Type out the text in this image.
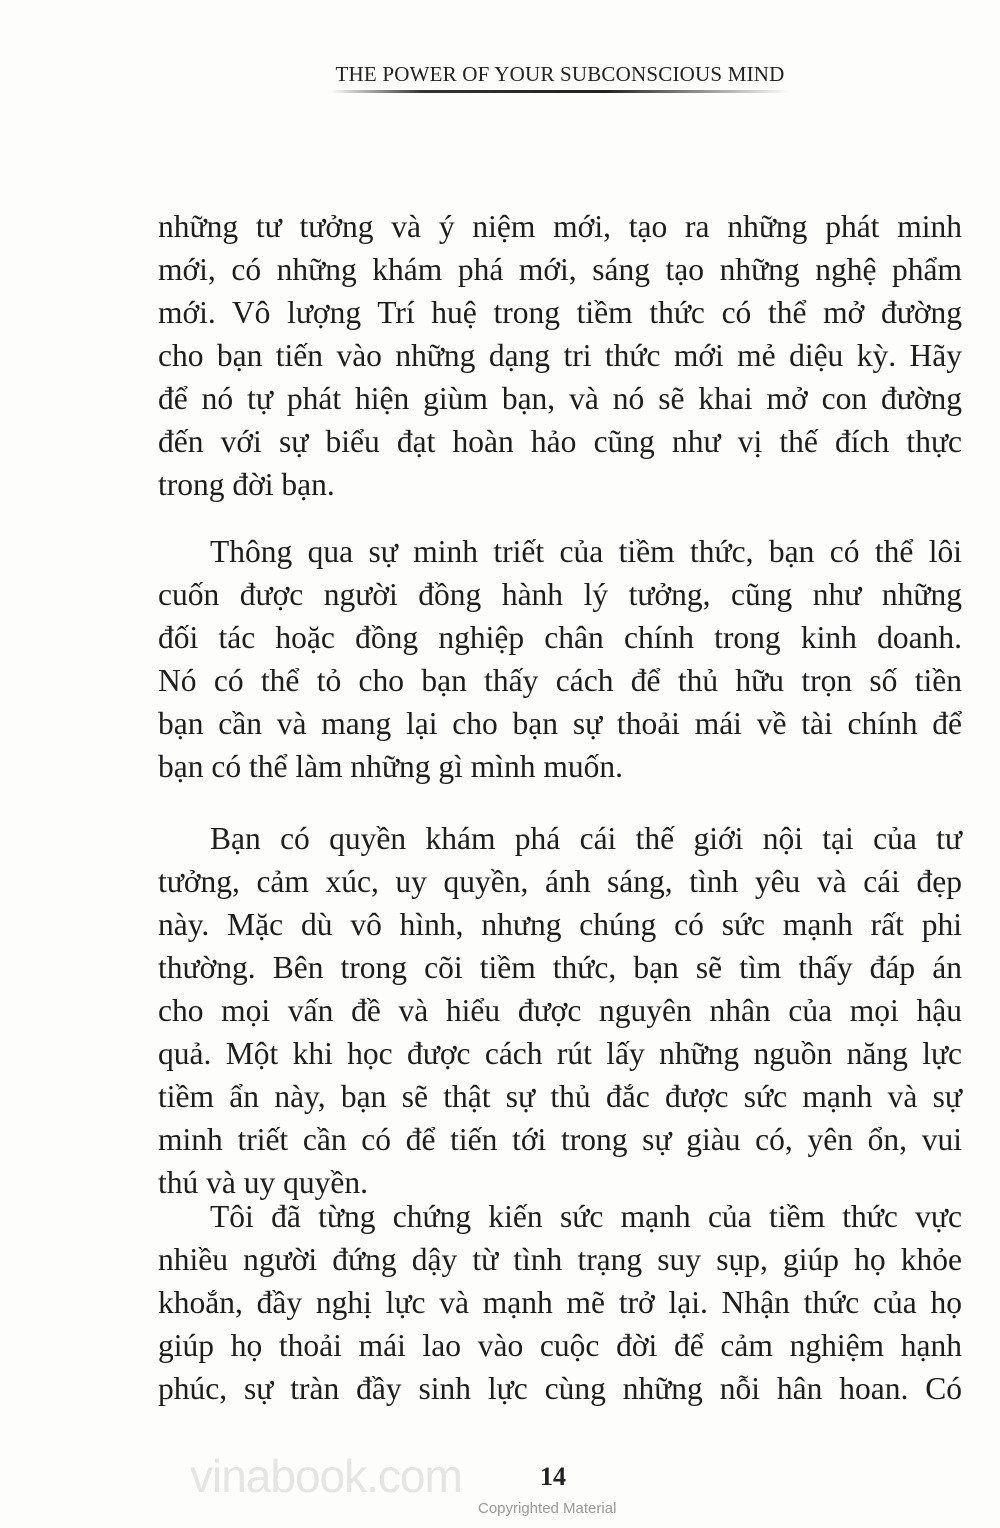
THE POWER OF YOUR SUBCONSCIOUS MIND
những tư tưởng và ý niệm mới, tạo ra những phát minh
mới, có những khám phá mới, sáng tạo những nghệ phẩm
mới. Vô lượng Trí huệ trong tiềm thức có thể mở đường
cho bạn tiến vào những dạng tri thức mới mẻ diệu kỳ. Hãy
để nó tự phát hiện giùm bạn, và nó sẽ khai mở con đường
đến với sự biểu đạt hoàn hảo cũng như vị thế đích thực
trong đời bạn.
Thông qua sự minh triết của tiềm thức, bạn có thể lôi
cuốn được người đồng hành lý tưởng, cũng như những
đối tác hoặc đồng nghiệp chân chính trong kinh doanh.
Nó có thể tỏ cho bạn thấy cách để thủ hữu trọn số tiền
bạn cần và mang lại cho bạn sự thoải mái về tài chính để
bạn có thể làm những gì mình muốn.
Bạn có quyền khám phá cái thế giới nội tại của tư
tưởng, cảm xúc, uy quyền, ánh sáng, tình yêu và cái đẹp
này. Mặc dù vô hình, nhưng chúng có sức mạnh rất phi
thường. Bên trong cõi tiềm thức, bạn sẽ tìm thấy đáp án
cho mọi vấn đề và hiểu được nguyên nhân của mọi hậu
quả. Một khi học được cách rút lấy những nguồn năng lực
tiềm ẩn này, bạn sẽ thật sự thủ đắc được sức mạnh và sự
minh triết cần có để tiến tới trong sự giàu có, yên ổn, vui
thú và uy quyền.
Tôi đã từng chứng kiến sức mạnh của tiềm thức vực
nhiều người đứng dậy từ tình trạng suy sụp, giúp họ khỏe
khoắn, đầy nghị lực và mạnh mẽ trở lại. Nhận thức của họ
giúp họ thoải mái lao vào cuộc đời để cảm nghiệm hạnh
phúc, sự tràn đầy sinh lực cùng những nỗi hân hoan. Có
vinabook.com	14
Copyrighted Material
